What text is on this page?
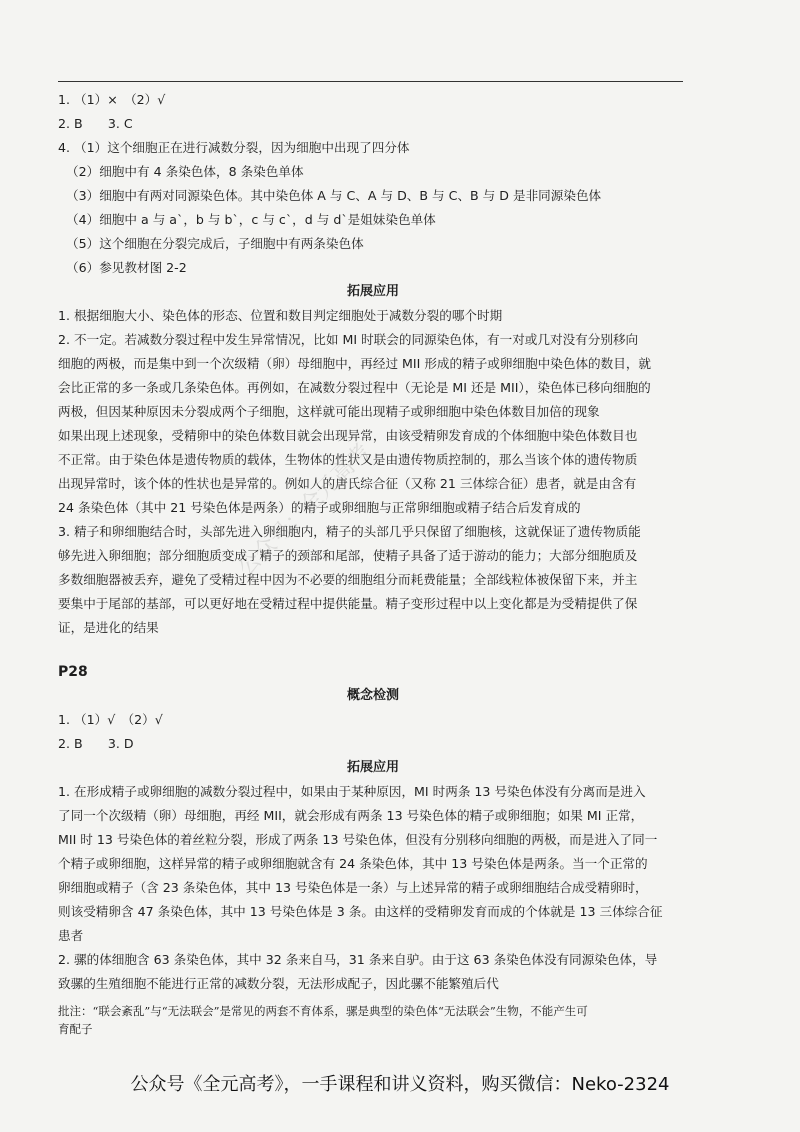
1. （1）×　（2）√
2. B　　3. C
4. （1）这个细胞正在进行减数分裂，因为细胞中出现了四分体
（2）细胞中有 4 条染色体，8 条染色单体
（3）细胞中有两对同源染色体。其中染色体 A 与 C、A 与 D、B 与 C、B 与 D 是非同源染色体
（4）细胞中 a 与 a`，b 与 b`，c 与 c`，d 与 d`是姐妹染色单体
（5）这个细胞在分裂完成后，子细胞中有两条染色体
（6）参见教材图 2-2
拓展应用
1. 根据细胞大小、染色体的形态、位置和数目判定细胞处于减数分裂的哪个时期
2. 不一定。若减数分裂过程中发生异常情况，比如 MI 时联会的同源染色体，有一对或几对没有分别移向
细胞的两极，而是集中到一个次级精（卵）母细胞中，再经过 MII 形成的精子或卵细胞中染色体的数目，就
会比正常的多一条或几条染色体。再例如，在减数分裂过程中（无论是 MI 还是 MII），染色体已移向细胞的
两极，但因某种原因未分裂成两个子细胞，这样就可能出现精子或卵细胞中染色体数目加倍的现象
如果出现上述现象，受精卵中的染色体数目就会出现异常，由该受精卵发育成的个体细胞中染色体数目也
不正常。由于染色体是遗传物质的载体，生物体的性状又是由遗传物质控制的，那么当该个体的遗传物质
出现异常时，该个体的性状也是异常的。例如人的唐氏综合征（又称 21 三体综合征）患者，就是由含有
24 条染色体（其中 21 号染色体是两条）的精子或卵细胞与正常卵细胞或精子结合后发育成的
3. 精子和卵细胞结合时，头部先进入卵细胞内，精子的头部几乎只保留了细胞核，这就保证了遗传物质能
够先进入卵细胞；部分细胞质变成了精子的颈部和尾部，使精子具备了适于游动的能力；大部分细胞质及
多数细胞器被丢弃，避免了受精过程中因为不必要的细胞组分而耗费能量；全部线粒体被保留下来，并主
要集中于尾部的基部，可以更好地在受精过程中提供能量。精子变形过程中以上变化都是为受精提供了保
证，是进化的结果
P28
概念检测
1. （1）√　（2）√
2. B　　3. D
拓展应用
1. 在形成精子或卵细胞的减数分裂过程中，如果由于某种原因，MI 时两条 13 号染色体没有分离而是进入
了同一个次级精（卵）母细胞，再经 MII，就会形成有两条 13 号染色体的精子或卵细胞；如果 MI 正常，
MII 时 13 号染色体的着丝粒分裂，形成了两条 13 号染色体，但没有分别移向细胞的两极，而是进入了同一
个精子或卵细胞，这样异常的精子或卵细胞就含有 24 条染色体，其中 13 号染色体是两条。当一个正常的
卵细胞或精子（含 23 条染色体，其中 13 号染色体是一条）与上述异常的精子或卵细胞结合成受精卵时，
则该受精卵含 47 条染色体，其中 13 号染色体是 3 条。由这样的受精卵发育而成的个体就是 13 三体综合征
患者
2. 骡的体细胞含 63 条染色体，其中 32 条来自马，31 条来自驴。由于这 63 条染色体没有同源染色体，导
致骡的生殖细胞不能进行正常的减数分裂，无法形成配子，因此骡不能繁殖后代
批注：“联会紊乱”与“无法联会”是常见的两套不育体系，骡是典型的染色体“无法联会”生物，不能产生可
育配子
公众号：全元高考
公众号《全元高考》，一手课程和讲义资料，购买微信：Neko-2324
